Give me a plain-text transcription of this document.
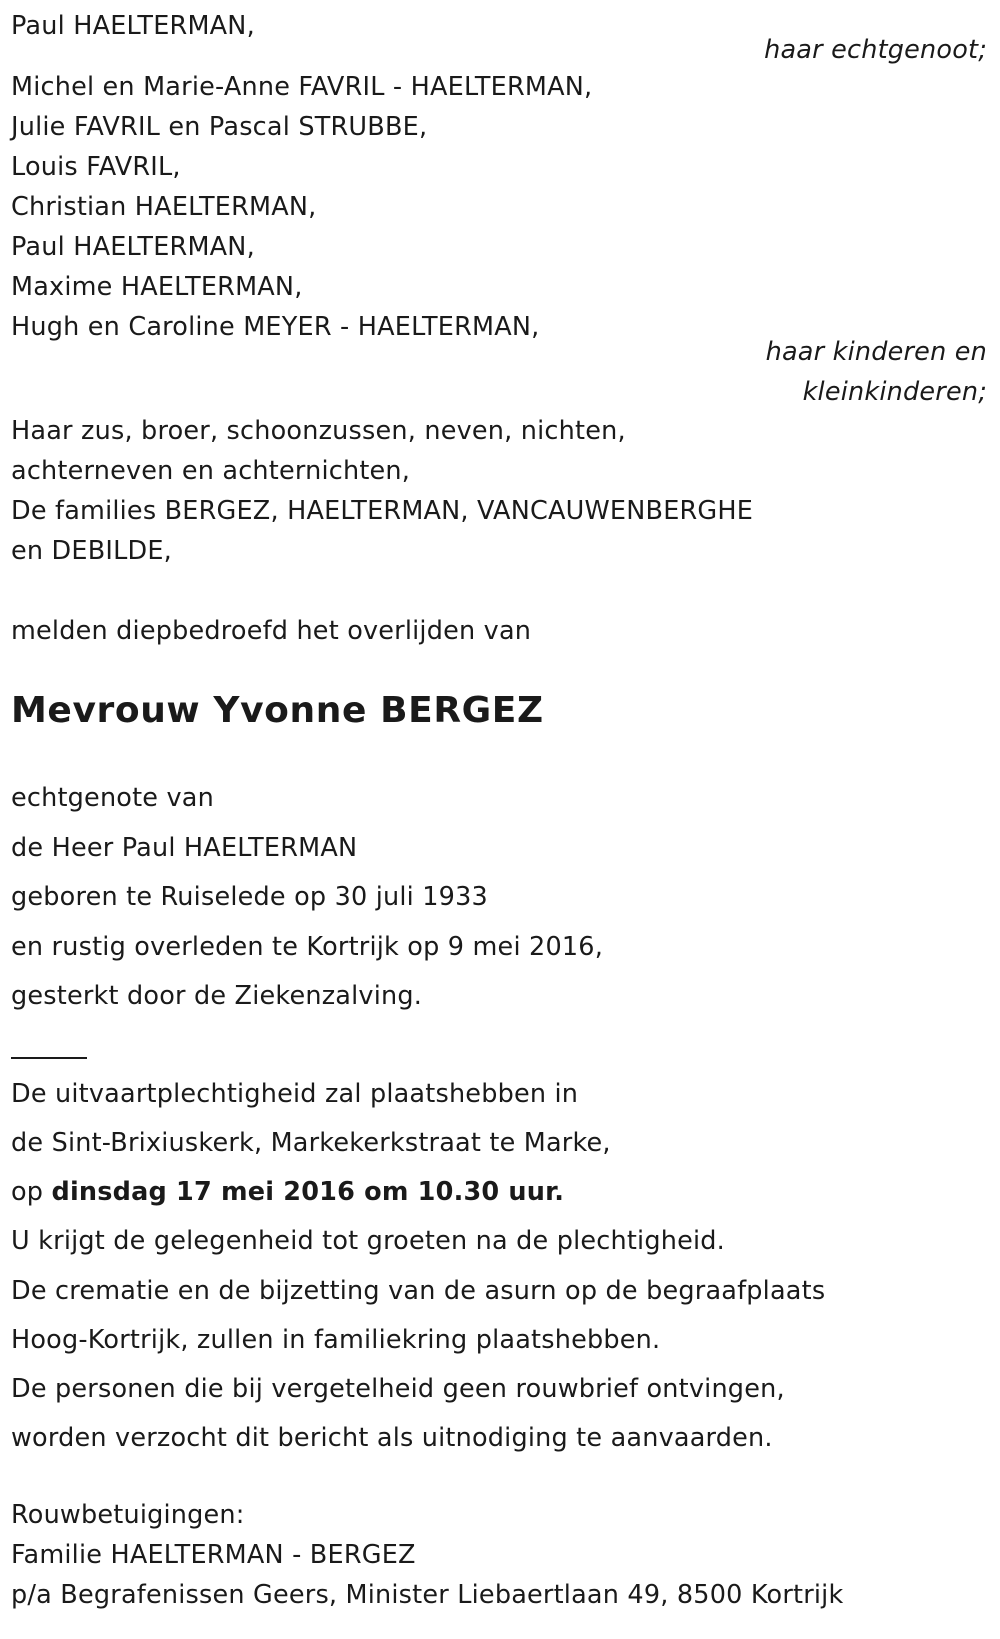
Paul HAELTERMAN,
haar echtgenoot;
Michel en Marie-Anne FAVRIL - HAELTERMAN,
Julie FAVRIL en Pascal STRUBBE,
Louis FAVRIL,
Christian HAELTERMAN,
Paul HAELTERMAN,
Maxime HAELTERMAN,
Hugh en Caroline MEYER - HAELTERMAN,
haar kinderen en
kleinkinderen;
Haar zus, broer, schoonzussen, neven, nichten,
achterneven en achternichten,
De families BERGEZ, HAELTERMAN, VANCAUWENBERGHE
en DEBILDE,
melden diepbedroefd het overlijden van
Mevrouw Yvonne BERGEZ
echtgenote van
de Heer Paul HAELTERMAN
geboren te Ruiselede op 30 juli 1933
en rustig overleden te Kortrijk op 9 mei 2016,
gesterkt door de Ziekenzalving.
De uitvaartplechtigheid zal plaatshebben in
de Sint-Brixiuskerk, Markekerkstraat te Marke,
op dinsdag 17 mei 2016 om 10.30 uur.
U krijgt de gelegenheid tot groeten na de plechtigheid.
De crematie en de bijzetting van de asurn op de begraafplaats
Hoog-Kortrijk, zullen in familiekring plaatshebben.
De personen die bij vergetelheid geen rouwbrief ontvingen,
worden verzocht dit bericht als uitnodiging te aanvaarden.
Rouwbetuigingen:
Familie HAELTERMAN - BERGEZ
p/a Begrafenissen Geers, Minister Liebaertlaan 49, 8500 Kortrijk
